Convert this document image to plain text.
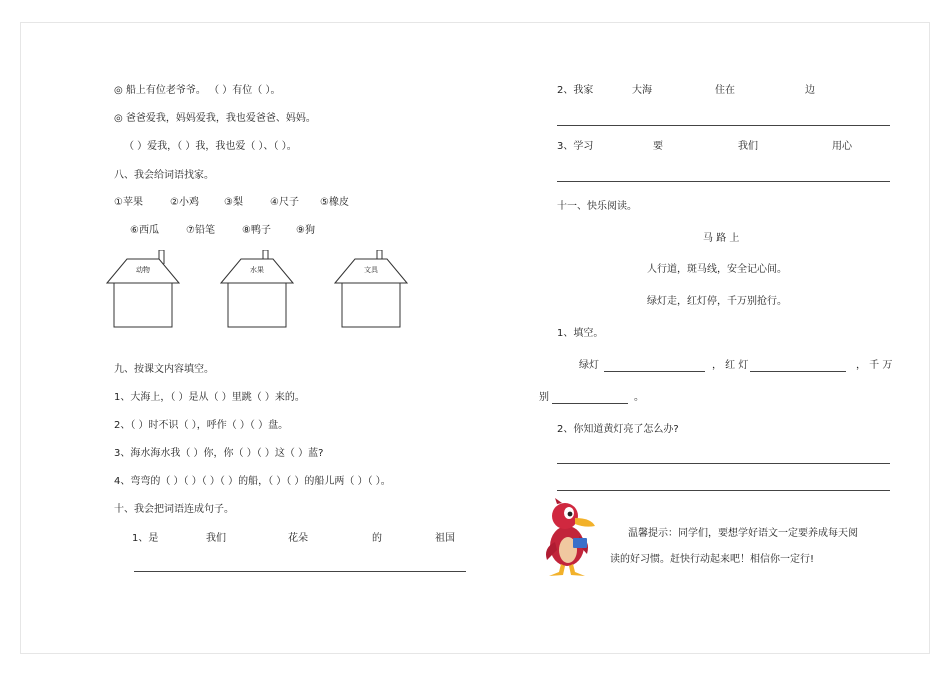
◎ 船上有位老爷爷。 （ ）有位（ ）。
◎ 爸爸爱我，妈妈爱我，我也爱爸爸、妈妈。
（ ）爱我，（ ）我，我也爱（ ）、（ ）。
八、我会给词语找家。
①苹果	②小鸡	③梨	④尺子 ⑤橡皮
⑥西瓜	⑦铅笔	⑧鸭子	⑨狗
动物	水果	文具
九、按课文内容填空。
1、大海上，（ ）是从（ ）里跳（ ）来的。
2、（ ）时不识（ ），呼作（ ）（ ）盘。
3、海水海水我（ ）你，你（ ）（ ）这（ ）蓝?
4、弯弯的（ ）（ ）（ ）（ ）的船，（ ）（ ）的船儿两（ ）（ ）。
十、我会把词语连成句子。
1、是	我们	花朵	的	祖国
2、我家	大海	住在	边
3、学习	要	我们	用心
十一、快乐阅读。
马 路 上
人行道，斑马线，安全记心间。
绿灯走，红灯停，千万别抢行。
1、填空。
绿灯	， 红 灯	， 千 万
别	。
2、你知道黄灯亮了怎么办?
温馨提示：同学们，要想学好语文一定要养成每天阅
读的好习惯。赶快行动起来吧！相信你一定行!
